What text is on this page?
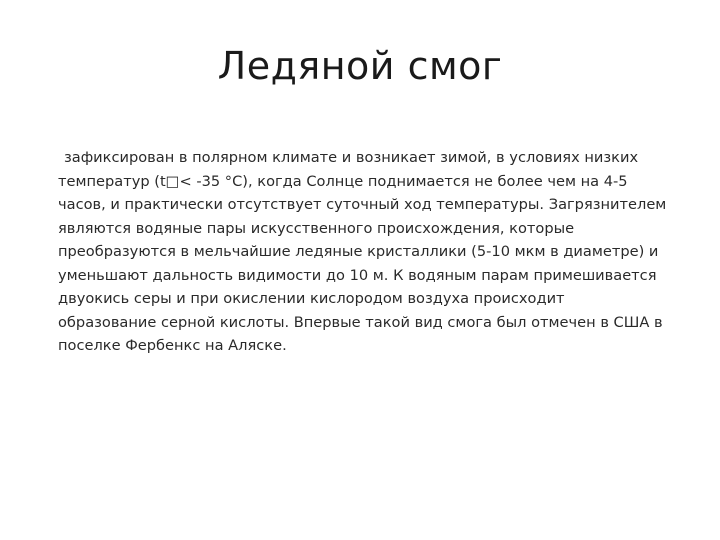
Ледяной смог
зафиксирован в полярном климате и возникает зимой, в условиях низких
температур (t□< -35 °С), когда Солнце поднимается не более чем на 4-5
часов, и практически отсутствует суточный ход температуры. Загрязнителем
являются водяные пары искусственного происхождения, которые
преобразуются в мельчайшие ледяные кристаллики (5-10 мкм в диаметре) и
уменьшают дальность видимости до 10 м. К водяным парам примешивается
двуокись серы и при окислении кислородом воздуха происходит
образование серной кислоты. Впервые такой вид смога был отмечен в США в
поселке Фербенкс на Аляске.
